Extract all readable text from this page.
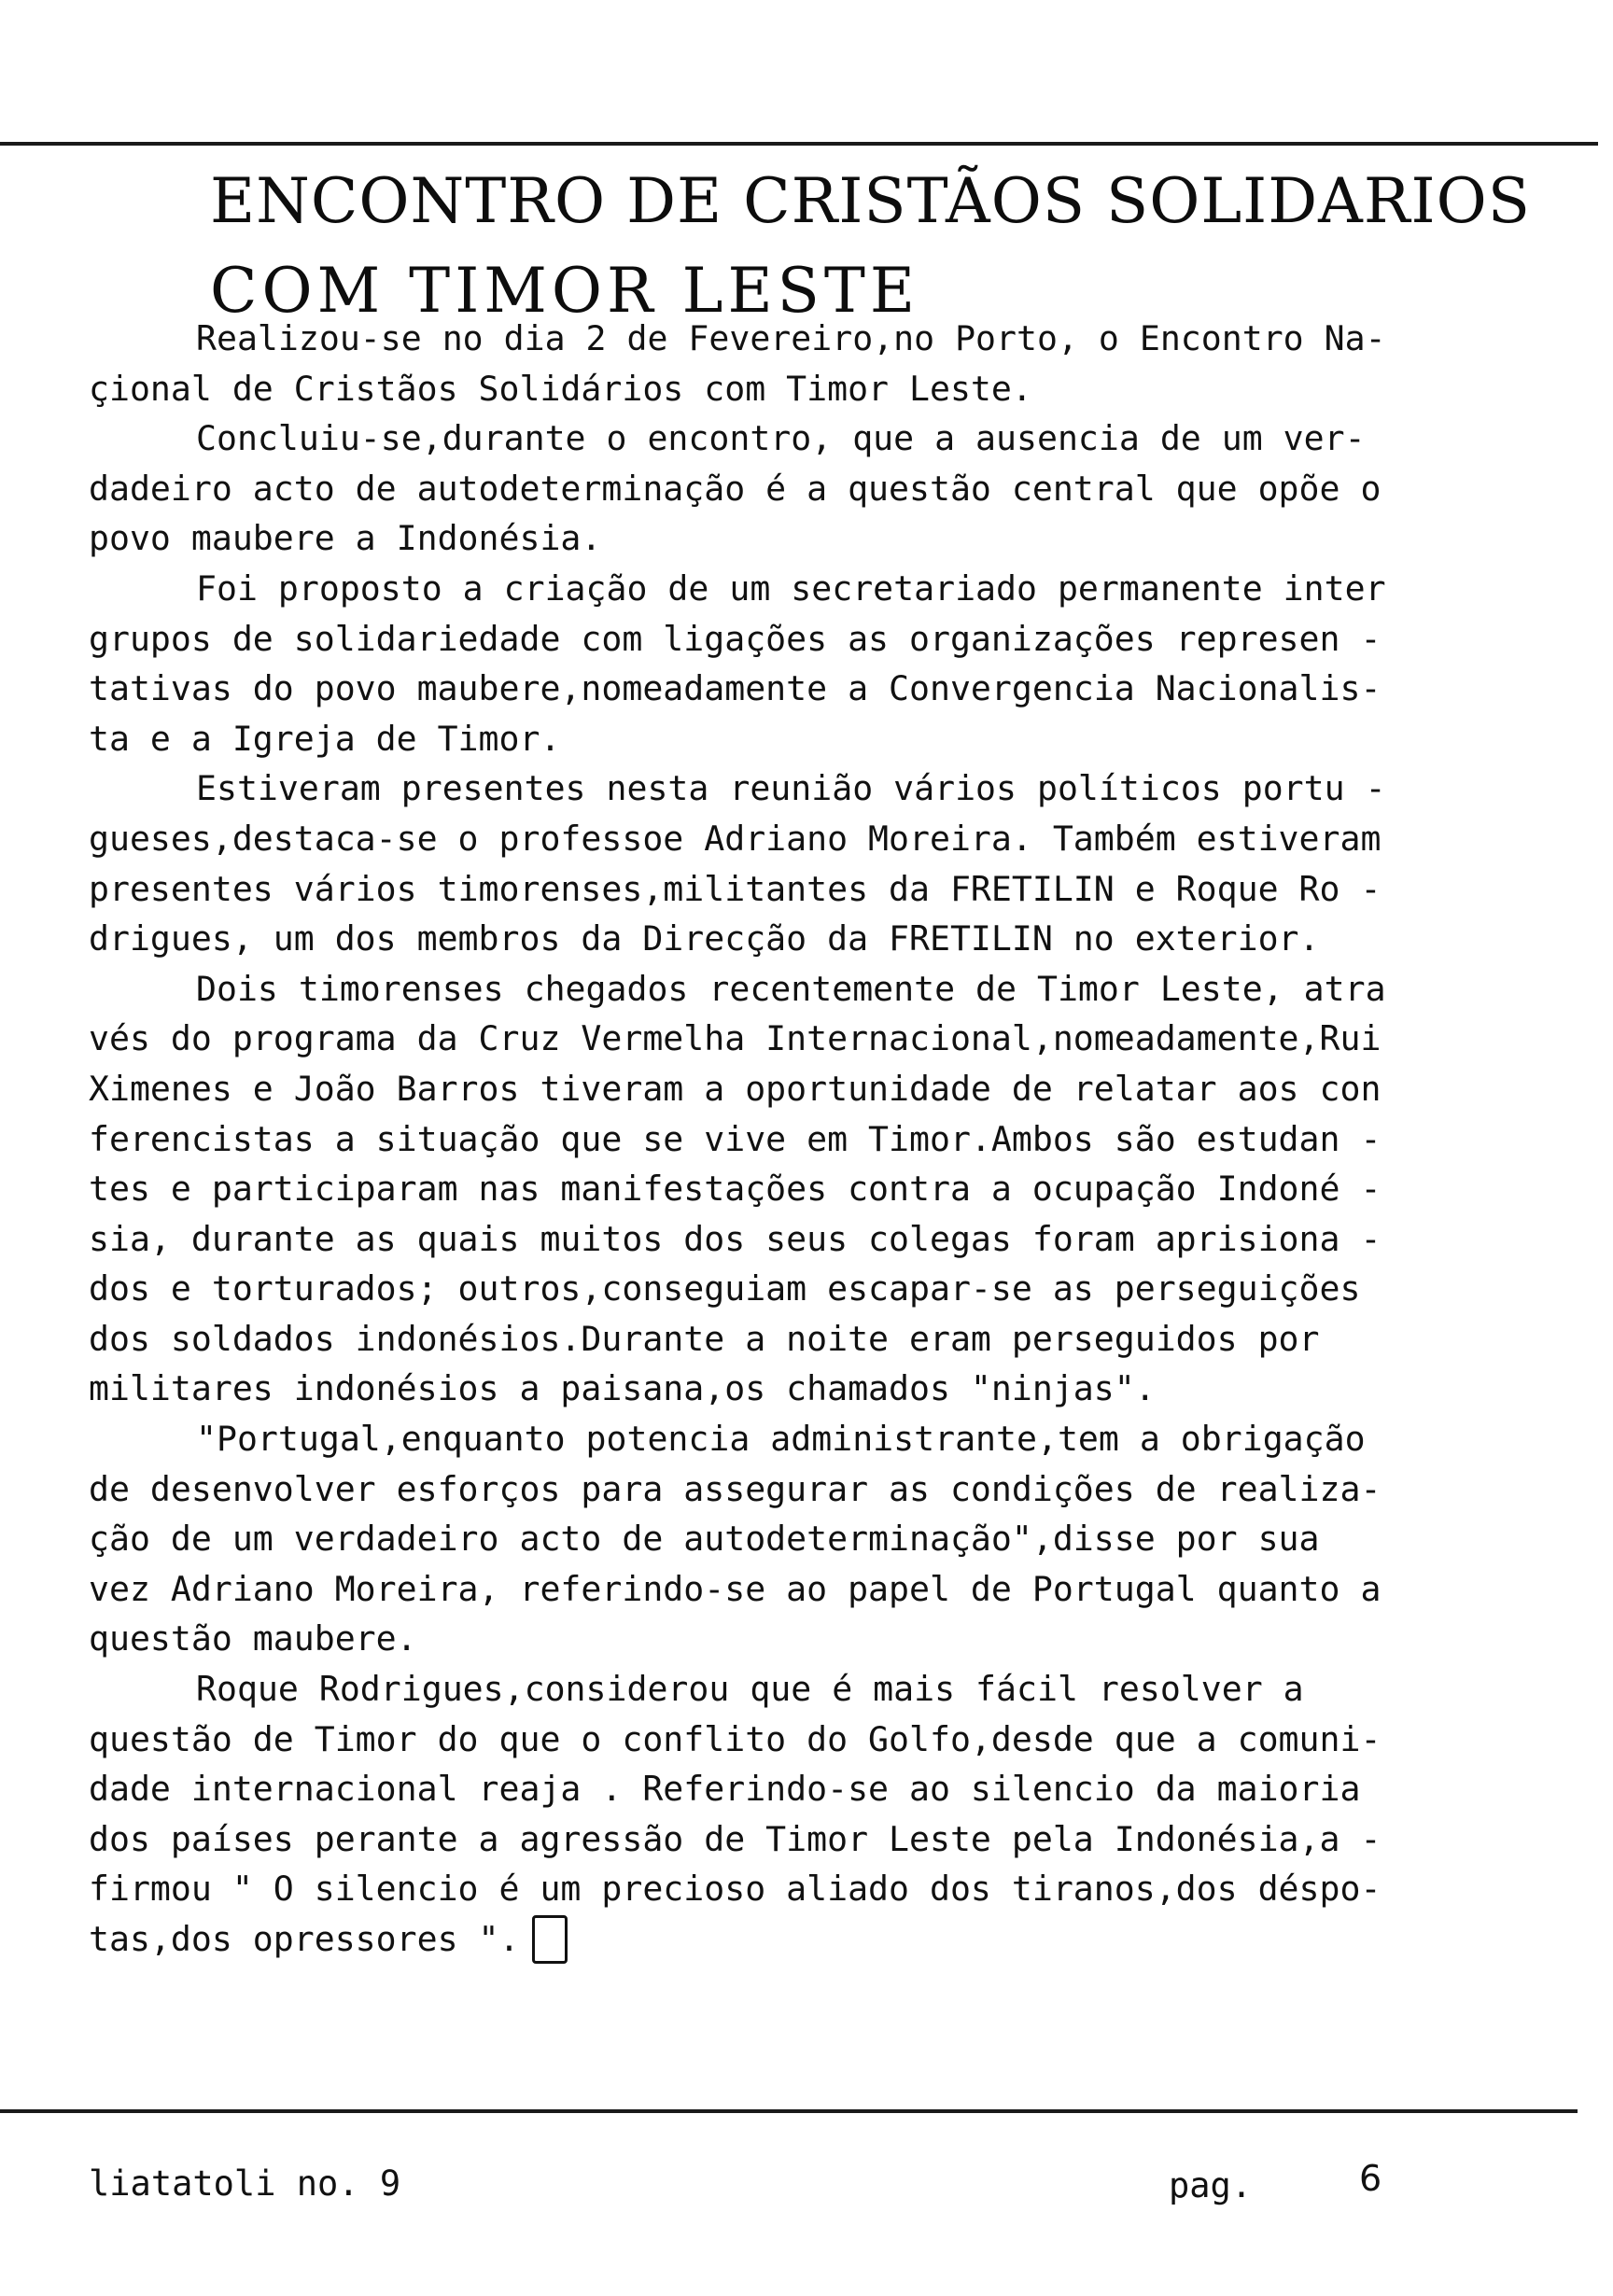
ENCONTRO DE CRISTÃOS SOLIDARIOS
COM TIMOR LESTE
Realizou-se no dia 2 de Fevereiro,no Porto, o Encontro Na-
çional de Cristãos Solidários com Timor Leste.
Concluiu-se,durante o encontro, que a ausencia de um ver-
dadeiro acto de autodeterminação é a questão central que opõe o
povo maubere a Indonésia.
Foi proposto a criação de um secretariado permanente inter
grupos de solidariedade com ligações as organizações represen -
tativas do povo maubere,nomeadamente a Convergencia Nacionalis-
ta e a Igreja de Timor.
Estiveram presentes nesta reunião vários políticos portu -
gueses,destaca-se o professoe Adriano Moreira. Também estiveram
presentes vários timorenses,militantes da FRETILIN e Roque Ro -
drigues, um dos membros da Direcção da FRETILIN no exterior.
Dois timorenses chegados recentemente de Timor Leste, atra
vés do programa da Cruz Vermelha Internacional,nomeadamente,Rui
Ximenes e João Barros tiveram a oportunidade de relatar aos con
ferencistas a situação que se vive em Timor.Ambos são estudan -
tes e participaram nas manifestações contra a ocupação Indoné -
sia, durante as quais muitos dos seus colegas foram aprisiona -
dos e torturados; outros,conseguiam escapar-se as perseguições
dos soldados indonésios.Durante a noite eram perseguidos por
militares indonésios a paisana,os chamados "ninjas".
"Portugal,enquanto potencia administrante,tem a obrigação
de desenvolver esforços para assegurar as condições de realiza-
ção de um verdadeiro acto de autodeterminação",disse por sua
vez Adriano Moreira, referindo-se ao papel de Portugal quanto a
questão maubere.
Roque Rodrigues,considerou que é mais fácil resolver a
questão de Timor do que o conflito do Golfo,desde que a comuni-
dade internacional reaja . Referindo-se ao silencio da maioria
dos países perante a agressão de Timor Leste pela Indonésia,a -
firmou " O silencio é um precioso aliado dos tiranos,dos déspo-
tas,dos opressores ".
liatatoli no. 9	pag.	6
